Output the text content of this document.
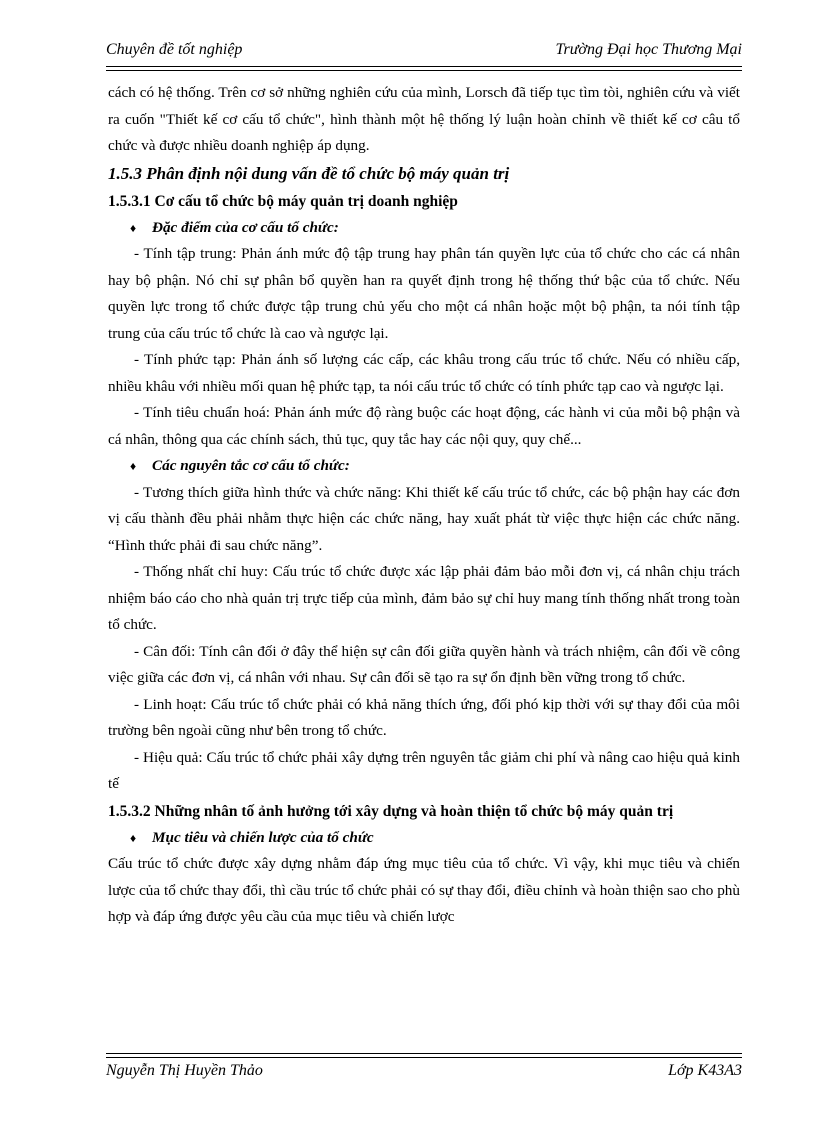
Chuyên đề tốt nghiệp	Trường Đại học Thương Mại

cách có hệ thống. Trên cơ sở những nghiên cứu của mình, Lorsch đã tiếp tục tìm tòi, nghiên cứu và viết ra cuốn "Thiết kế cơ cấu tổ chức", hình thành một hệ thống lý luận hoàn chỉnh về thiết kế cơ câu tổ chức và được nhiều doanh nghiệp áp dụng.

1.5.3 Phân định nội dung vấn đề tổ chức bộ máy quản trị

1.5.3.1 Cơ cấu tổ chức bộ máy quản trị doanh nghiệp

♦ Đặc điểm của cơ cấu tổ chức:

- Tính tập trung: Phản ánh mức độ tập trung hay phân tán quyền lực của tổ chức cho các cá nhân hay bộ phận. Nó chỉ sự phân bổ quyền han ra quyết định trong hệ thống thứ bậc của tổ chức. Nếu quyền lực trong tổ chức được tập trung chủ yếu cho một cá nhân hoặc một bộ phận, ta nói tính tập trung của cấu trúc tổ chức là cao và ngược lại.

- Tính phức tạp: Phản ánh số lượng các cấp, các khâu trong cấu trúc tổ chức. Nếu có nhiều cấp, nhiều khâu với nhiều mối quan hệ phức tạp, ta nói cấu trúc tổ chức có tính phức tạp cao và ngược lại.

- Tính tiêu chuẩn hoá: Phản ánh mức độ ràng buộc các hoạt động, các hành vi của mỗi bộ phận và cá nhân, thông qua các chính sách, thủ tục, quy tắc hay các nội quy, quy chế...

♦ Các nguyên tắc cơ cấu tổ chức:

- Tương thích giữa hình thức và chức năng: Khi thiết kế cấu trúc tổ chức, các bộ phận hay các đơn vị cấu thành đều phải nhằm thực hiện các chức năng, hay xuất phát từ việc thực hiện các chức năng. “Hình thức phải đi sau chức năng”.

- Thống nhất chỉ huy: Cấu trúc tổ chức được xác lập phải đảm bảo mỗi đơn vị, cá nhân chịu trách nhiệm báo cáo cho nhà quản trị trực tiếp của mình, đảm bảo sự chỉ huy mang tính thống nhất trong toàn tổ chức.

- Cân đối: Tính cân đối ở đây thể hiện sự cân đối giữa quyền hành và trách nhiệm, cân đối về công việc giữa các đơn vị, cá nhân với nhau. Sự cân đối sẽ tạo ra sự ổn định bền vững trong tổ chức.

- Linh hoạt: Cấu trúc tổ chức phải có khả năng thích ứng, đối phó kịp thời với sự thay đổi của môi trường bên ngoài cũng như bên trong tổ chức.

- Hiệu quả: Cấu trúc tổ chức phải xây dựng trên nguyên tắc giảm chi phí và nâng cao hiệu quả kinh tế

1.5.3.2 Những nhân tố ảnh hưởng tới xây dựng và hoàn thiện tổ chức bộ máy quản trị

♦ Mục tiêu và chiến lược của tổ chức

Cấu trúc tổ chức được xây dựng nhằm đáp ứng mục tiêu của tổ chức. Vì vậy, khi mục tiêu và chiến lược của tổ chức thay đổi, thì cầu trúc tổ chức phải có sự thay đổi, điều chỉnh và hoàn thiện sao cho phù hợp và đáp ứng được yêu cầu của mục tiêu và chiến lược

Nguyễn Thị Huyền Thảo	Lớp K43A3
